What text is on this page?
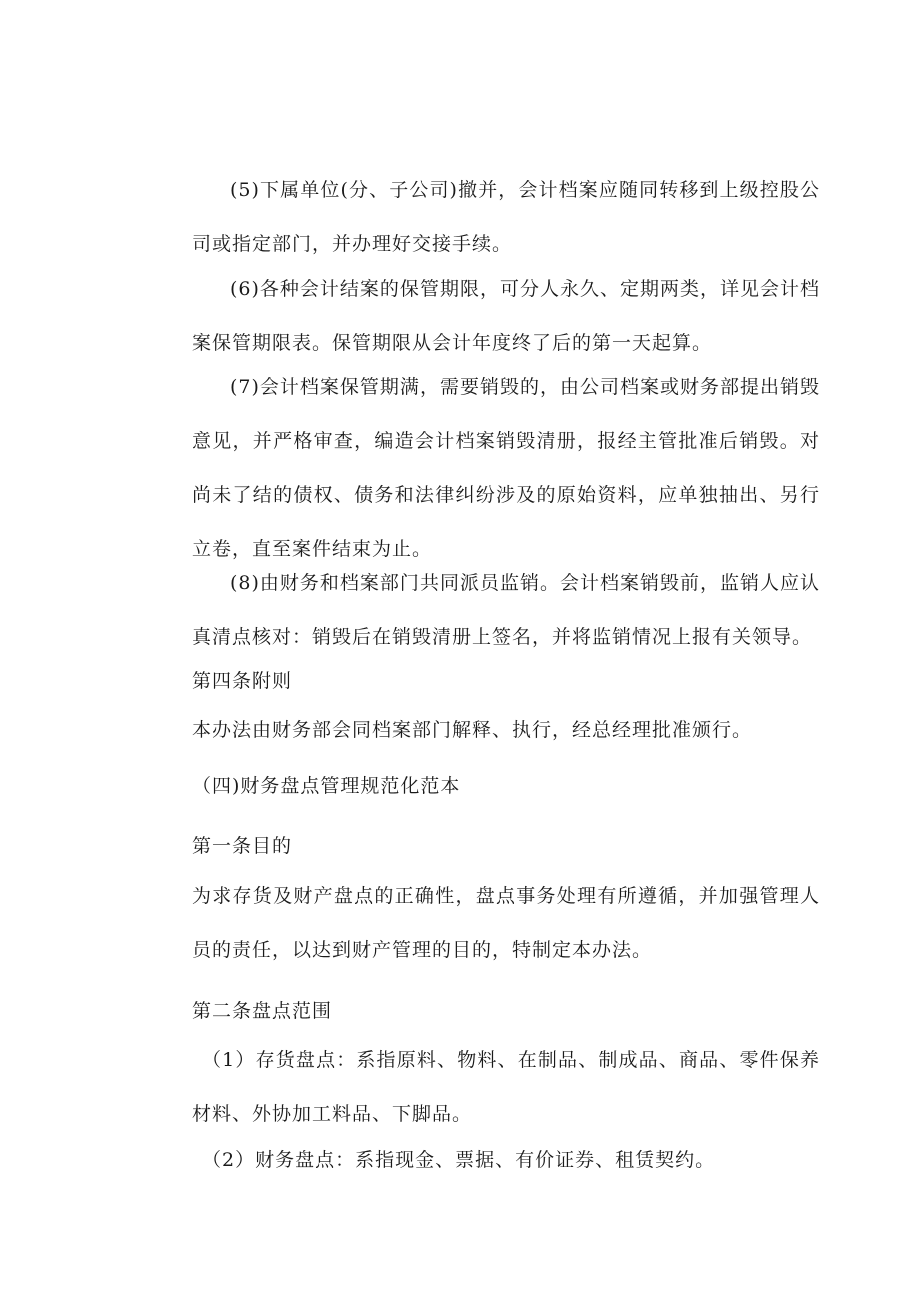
(5)下属单位(分、子公司)撤并，会计档案应随同转移到上级控股公司或指定部门，并办理好交接手续。

(6)各种会计结案的保管期限，可分人永久、定期两类，详见会计档案保管期限表。保管期限从会计年度终了后的第一天起算。

(7)会计档案保管期满，需要销毁的，由公司档案或财务部提出销毁意见，并严格审查，编造会计档案销毁清册，报经主管批准后销毁。对尚未了结的债权、债务和法律纠纷涉及的原始资料，应单独抽出、另行立卷，直至案件结束为止。

(8)由财务和档案部门共同派员监销。会计档案销毁前，监销人应认真清点核对：销毁后在销毁清册上签名，并将监销情况上报有关领导。

第四条附则

本办法由财务部会同档案部门解释、执行，经总经理批准颁行。

（四)财务盘点管理规范化范本

第一条目的

为求存货及财产盘点的正确性，盘点事务处理有所遵循，并加强管理人员的责任，以达到财产管理的目的，特制定本办法。

第二条盘点范围

（1）存货盘点：系指原料、物料、在制品、制成品、商品、零件保养材料、外协加工料品、下脚品。

（2）财务盘点：系指现金、票据、有价证券、租赁契约。
